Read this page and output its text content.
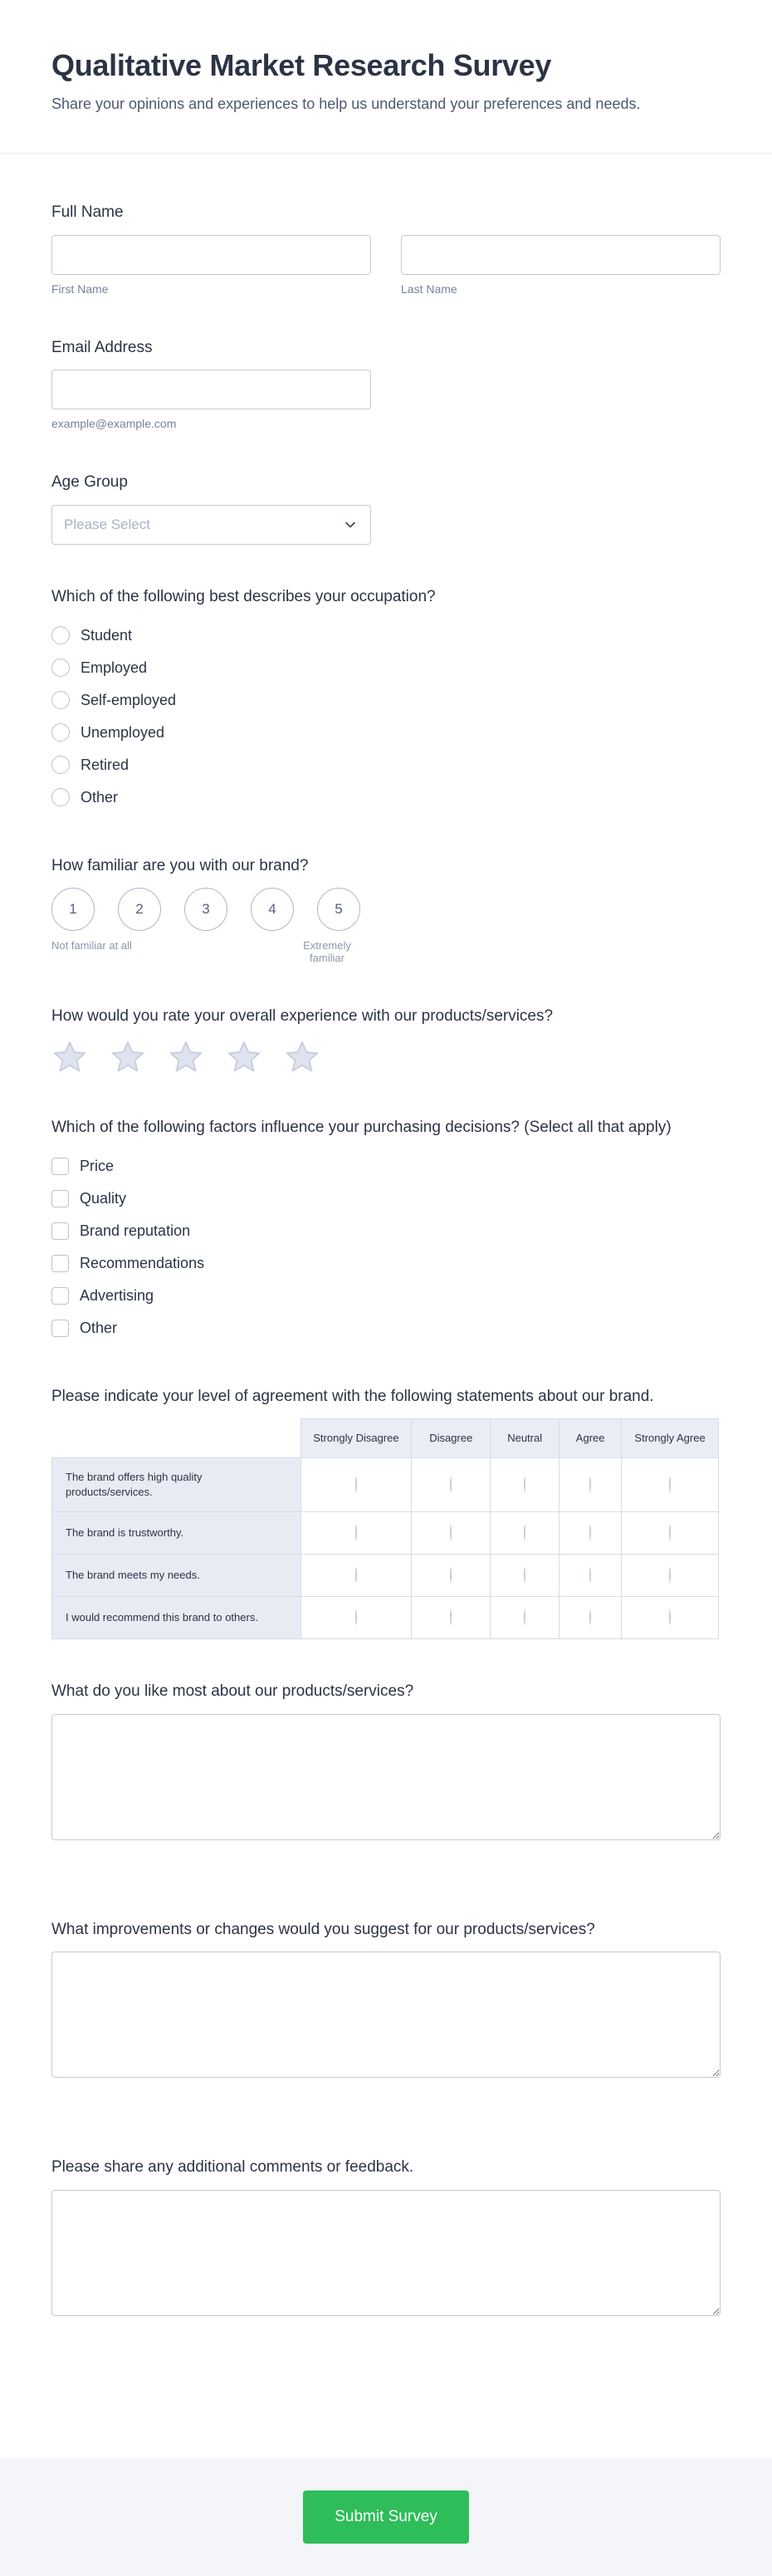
Qualitative Market Research Survey

Share your opinions and experiences to help us understand your preferences and needs.

Full Name
First Name	Last Name
Email Address
example@example.com
Age Group
Please Select
Which of the following best describes your occupation?
Student
Employed
Self-employed
Unemployed
Retired
Other
How familiar are you with our brand?
1	2	3	4	5
Not familiar at all	Extremely familiar
How would you rate your overall experience with our products/services?
Which of the following factors influence your purchasing decisions? (Select all that apply)
Price
Quality
Brand reputation
Recommendations
Advertising
Other
Please indicate your level of agreement with the following statements about our brand.
	Strongly Disagree	Disagree	Neutral	Agree	Strongly Agree
The brand offers high quality products/services.					
The brand is trustworthy.					
The brand meets my needs.					
I would recommend this brand to others.					
What do you like most about our products/services?
What improvements or changes would you suggest for our products/services?
Please share any additional comments or feedback.
Submit Survey
